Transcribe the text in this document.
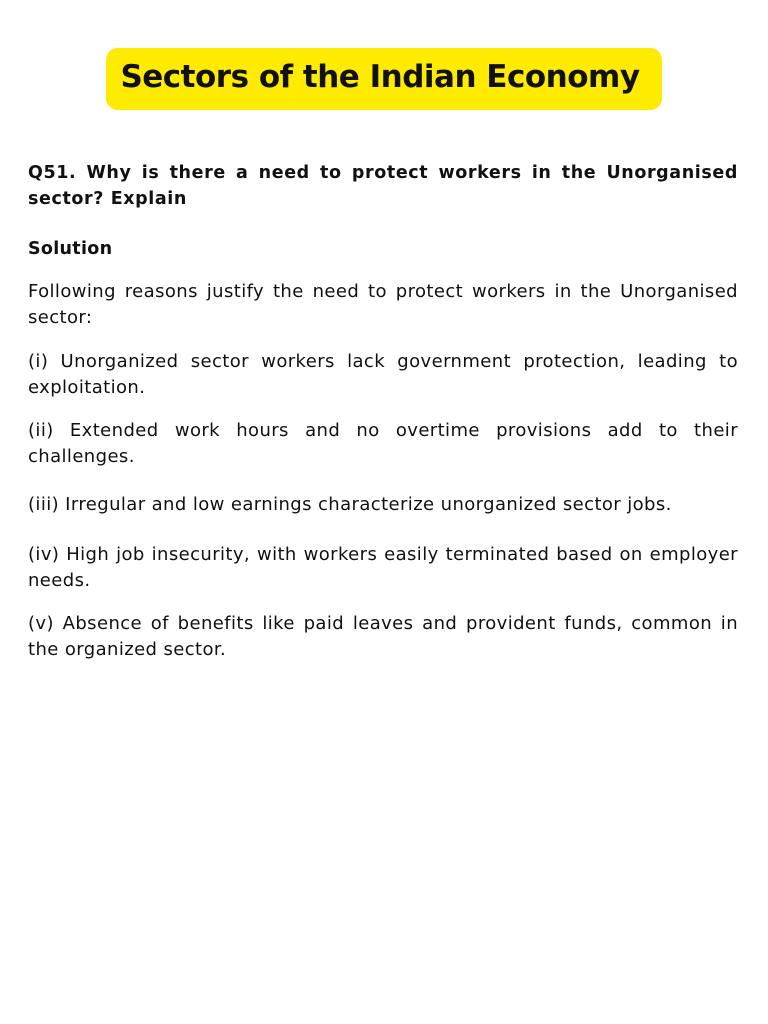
Sectors of the Indian Economy

Q51. Why is there a need to protect workers in the Unorganised sector? Explain

Solution

Following reasons justify the need to protect workers in the Unorganised sector:

(i) Unorganized sector workers lack government protection, leading to exploitation.

(ii) Extended work hours and no overtime provisions add to their challenges.

(iii) Irregular and low earnings characterize unorganized sector jobs.

(iv) High job insecurity, with workers easily terminated based on employer needs.

(v) Absence of benefits like paid leaves and provident funds, common in the organized sector.
